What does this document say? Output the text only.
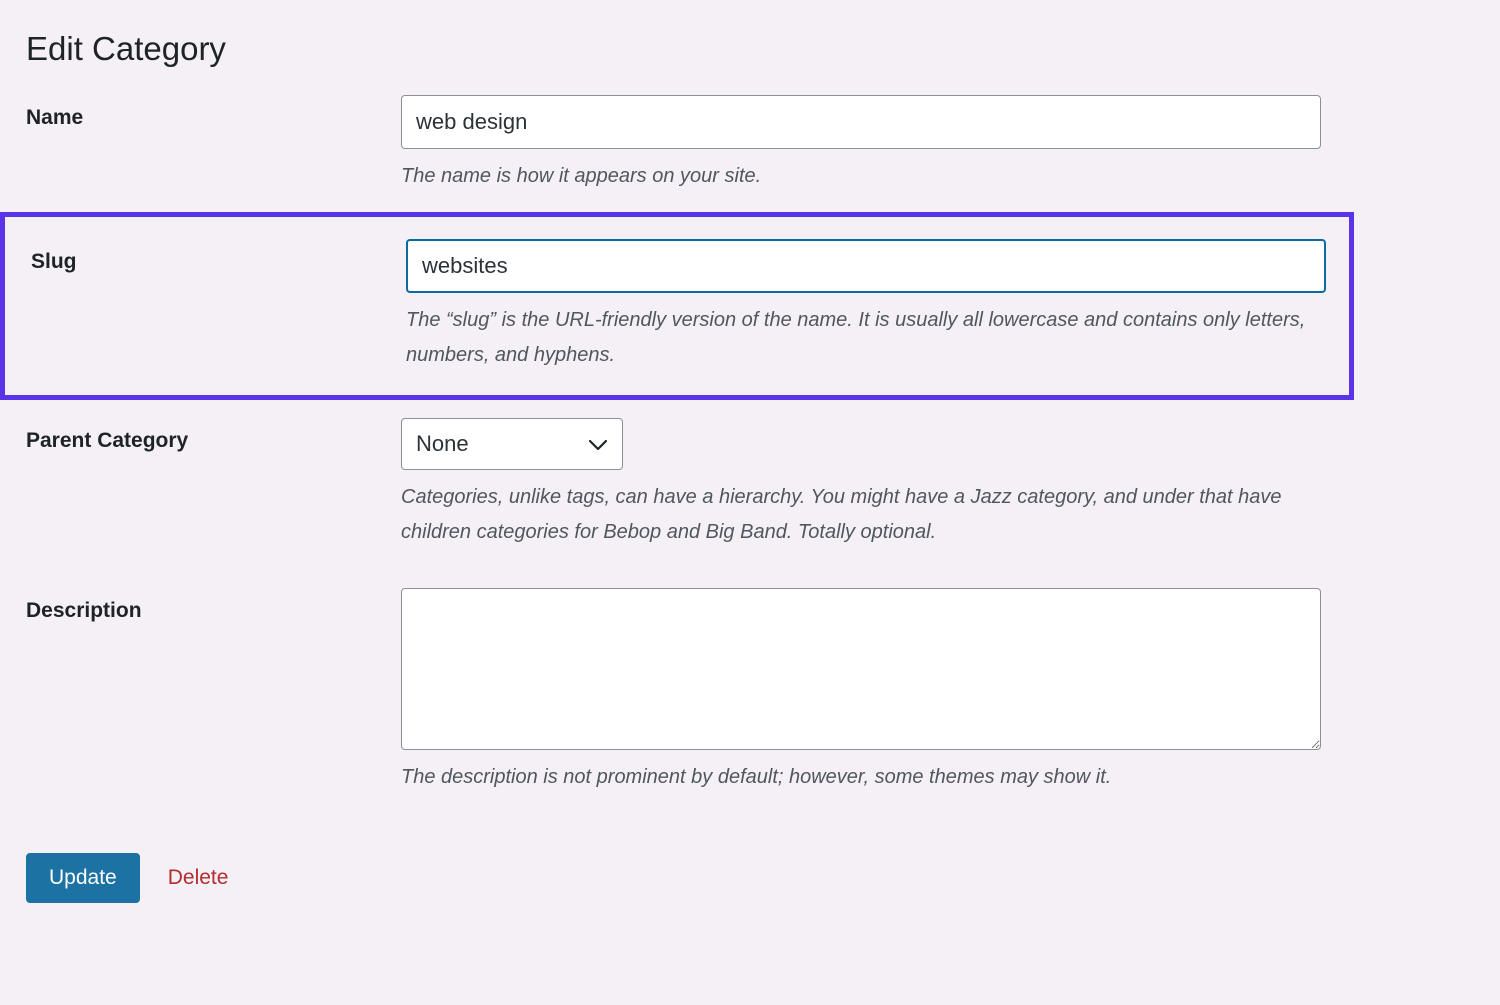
Edit Category
Name
web design

The name is how it appears on your site.

Slug
websites

The “slug” is the URL-friendly version of the name. It is usually all lowercase and contains only letters, numbers, and hyphens.

Parent Category
None

Categories, unlike tags, can have a hierarchy. You might have a Jazz category, and under that have children categories for Bebop and Big Band. Totally optional.

Description

The description is not prominent by default; however, some themes may show it.

Update	Delete
